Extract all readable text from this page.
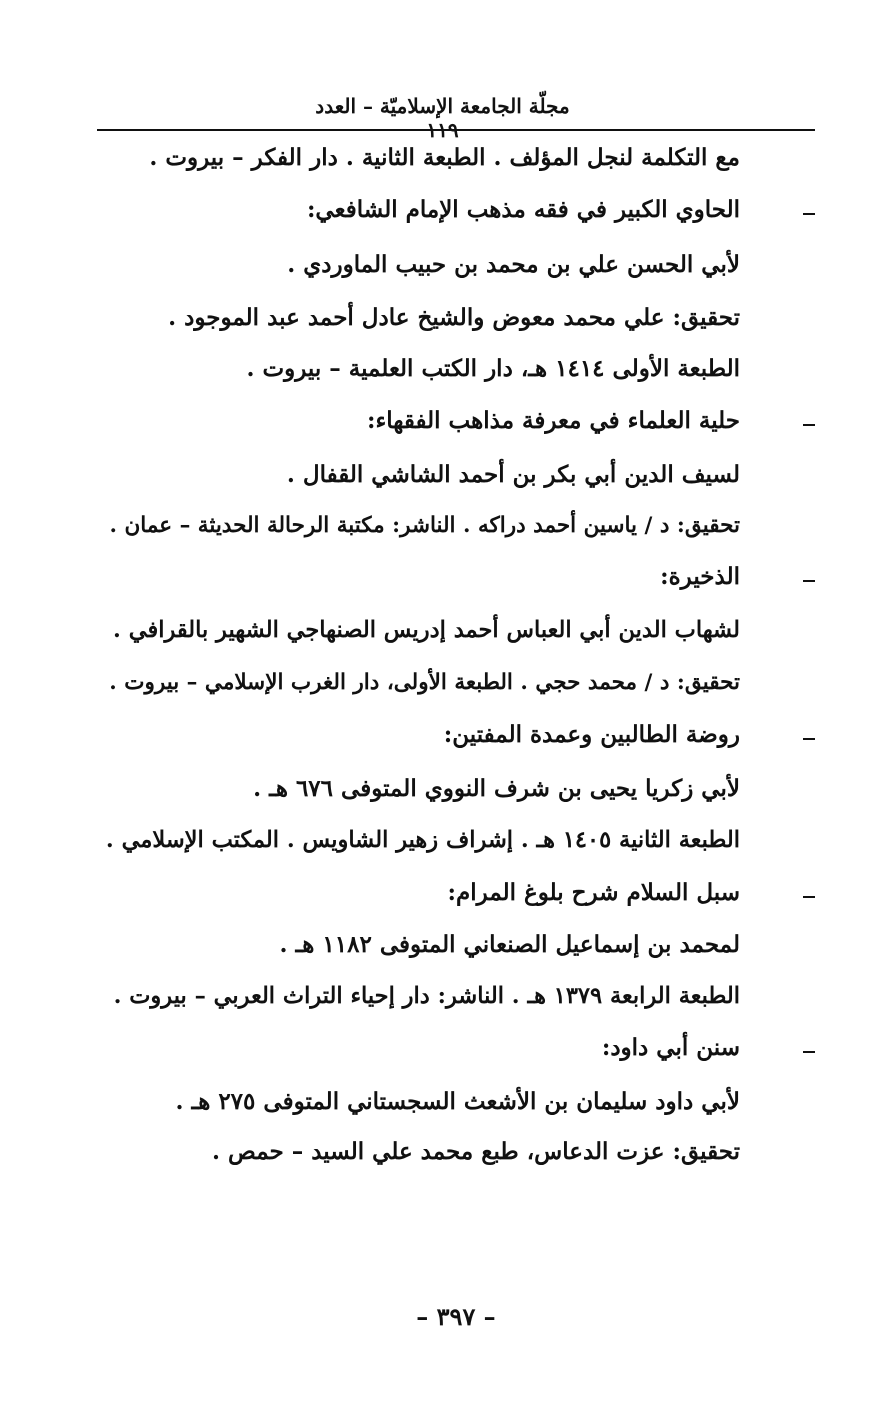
مجلّة الجامعة الإسلاميّة – العدد ١١٩
مع التكلمة لنجل المؤلف . الطبعة الثانية . دار الفكر – بيروت .
الحاوي الكبير في فقه مذهب الإمام الشافعي:
لأبي الحسن علي بن محمد بن حبيب الماوردي .
تحقيق: علي محمد معوض والشيخ عادل أحمد عبد الموجود .
الطبعة الأولى ١٤١٤ هـ، دار الكتب العلمية – بيروت .
حلية العلماء في معرفة مذاهب الفقهاء:
لسيف الدين أبي بكر بن أحمد الشاشي القفال .
تحقيق: د / ياسين أحمد دراكه . الناشر: مكتبة الرحالة الحديثة – عمان .
الذخيرة:
لشهاب الدين أبي العباس أحمد إدريس الصنهاجي الشهير بالقرافي .
تحقيق: د / محمد حجي . الطبعة الأولى، دار الغرب الإسلامي – بيروت .
روضة الطالبين وعمدة المفتين:
لأبي زكريا يحيى بن شرف النووي المتوفى ٦٧٦ هـ .
الطبعة الثانية ١٤٠٥ هـ . إشراف زهير الشاويس . المكتب الإسلامي .
سبل السلام شرح بلوغ المرام:
لمحمد بن إسماعيل الصنعاني المتوفى ١١٨٢ هـ .
الطبعة الرابعة ١٣٧٩ هـ . الناشر: دار إحياء التراث العربي – بيروت .
سنن أبي داود:
لأبي داود سليمان بن الأشعث السجستاني المتوفى ٢٧٥ هـ .
تحقيق: عزت الدعاس، طبع محمد علي السيد – حمص .
– ٣٩٧ –
